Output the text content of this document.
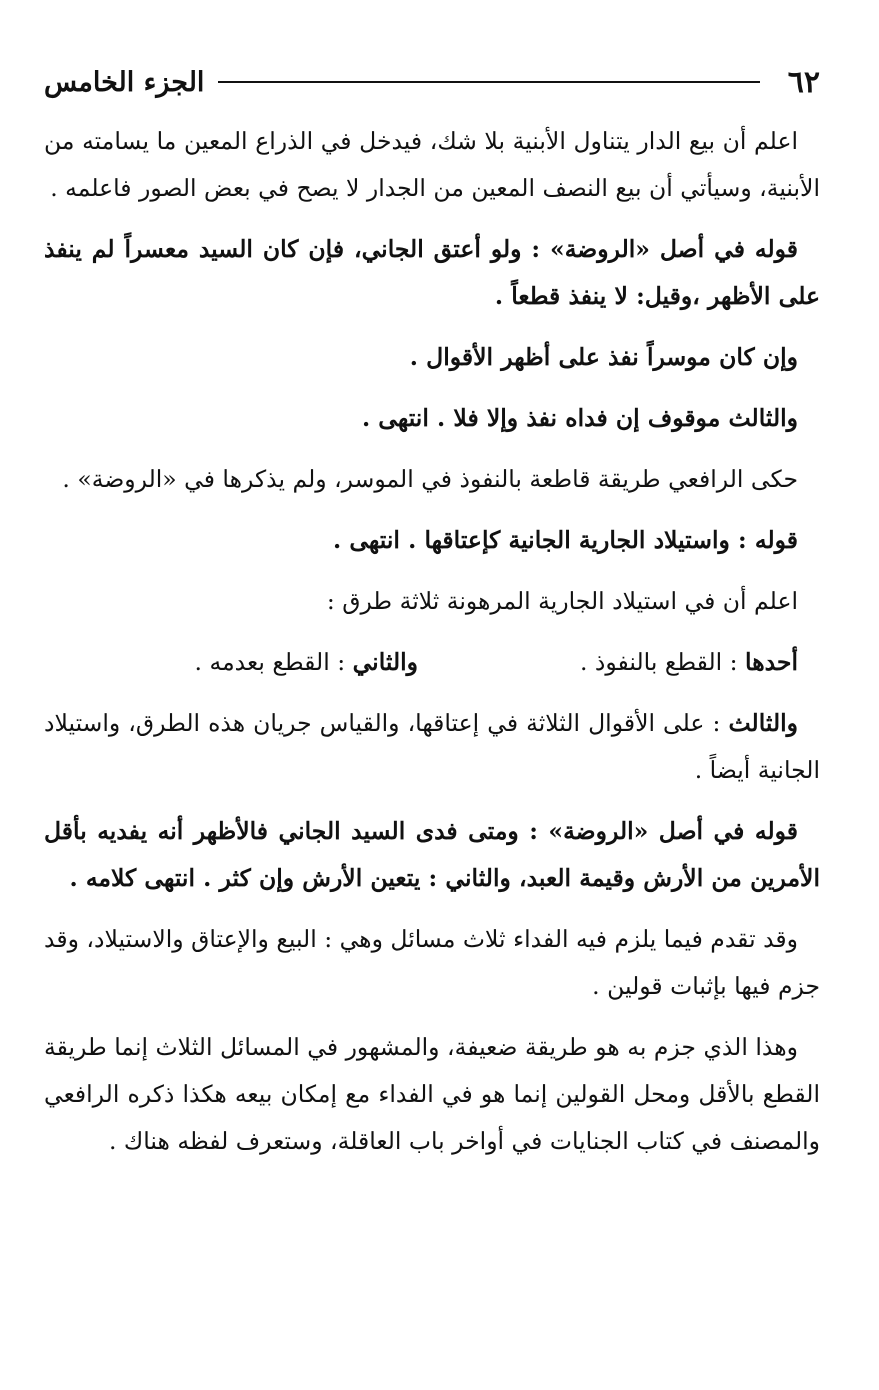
٦٢
الجزء الخامس

اعلم أن بيع الدار يتناول الأبنية بلا شك، فيدخل في الذراع المعين ما يسامته من الأبنية، وسيأتي أن بيع النصف المعين من الجدار لا يصح في بعض الصور فاعلمه .

قوله في أصل «الروضة» : ولو أعتق الجاني، فإن كان السيد معسراً لم ينفذ على الأظهر ،وقيل: لا ينفذ قطعاً .

وإن كان موسراً نفذ على أظهر الأقوال .

والثالث موقوف إن فداه نفذ وإلا فلا . انتهى .

حكى الرافعي طريقة قاطعة بالنفوذ في الموسر، ولم يذكرها في «الروضة» .

قوله : واستيلاد الجارية الجانية كإعتاقها . انتهى .

اعلم أن في استيلاد الجارية المرهونة ثلاثة طرق :

أحدها : القطع بالنفوذ .
والثاني : القطع بعدمه .

والثالث : على الأقوال الثلاثة في إعتاقها، والقياس جريان هذه الطرق، واستيلاد الجانية أيضاً .

قوله في أصل «الروضة» : ومتى فدى السيد الجاني فالأظهر أنه يفديه بأقل الأمرين من الأرش وقيمة العبد، والثاني : يتعين الأرش وإن كثر . انتهى كلامه .

وقد تقدم فيما يلزم فيه الفداء ثلاث مسائل وهي : البيع والإعتاق والاستيلاد، وقد جزم فيها بإثبات قولين .

وهذا الذي جزم به هو طريقة ضعيفة، والمشهور في المسائل الثلاث إنما طريقة القطع بالأقل ومحل القولين إنما هو في الفداء مع إمكان بيعه هكذا ذكره الرافعي والمصنف في كتاب الجنايات في أواخر باب العاقلة، وستعرف لفظه هناك .
